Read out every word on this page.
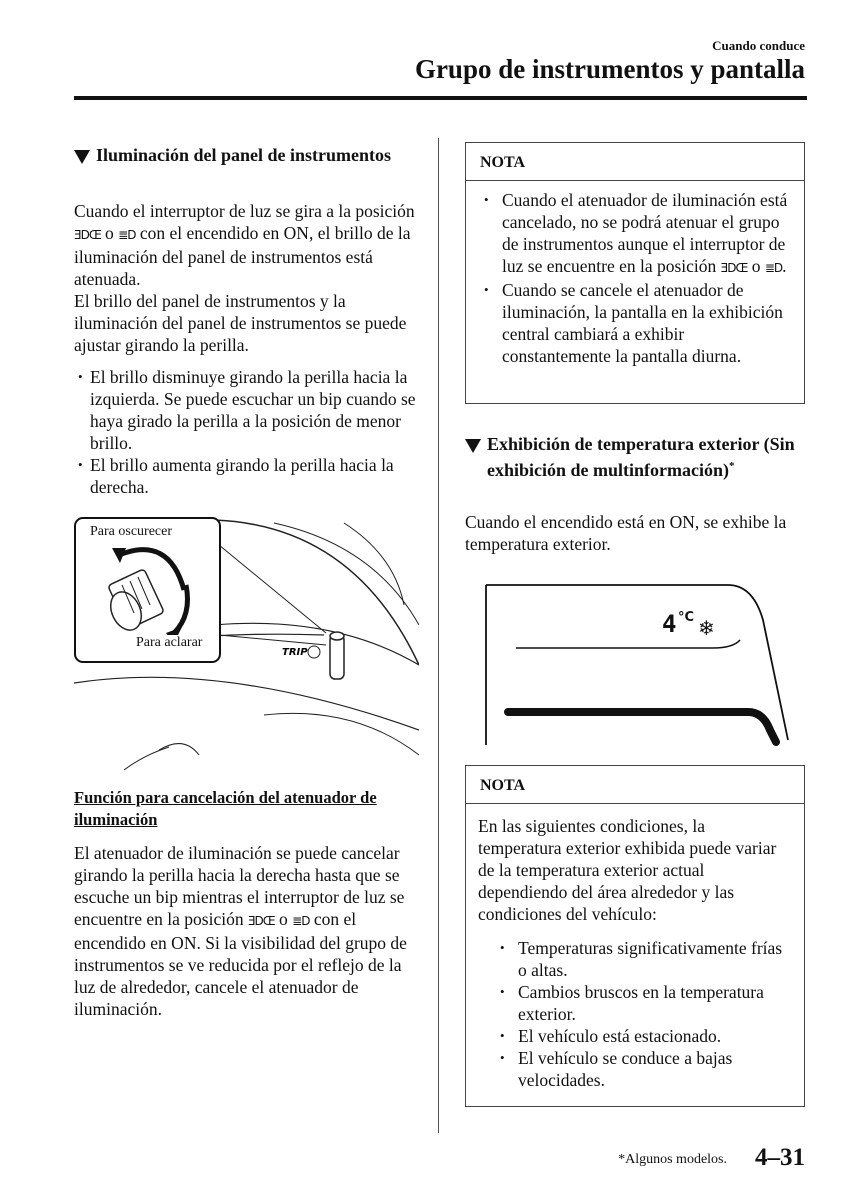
Cuando conduce
Grupo de instrumentos y pantalla
Iluminación del panel de instrumentos

Cuando el interruptor de luz se gira a la posición ƎDŒ o ≣D con el encendido en ON, el brillo de la iluminación del panel de instrumentos está atenuada.

El brillo del panel de instrumentos y la iluminación del panel de instrumentos se puede ajustar girando la perilla.

• El brillo disminuye girando la perilla hacia la izquierda. Se puede escuchar un bip cuando se haya girado la perilla a la posición de menor brillo.
• El brillo aumenta girando la perilla hacia la derecha.
TRIP
Para oscurecer
Para aclarar
Función para cancelación del atenuador de iluminación

El atenuador de iluminación se puede cancelar girando la perilla hacia la derecha hasta que se escuche un bip mientras el interruptor de luz se encuentre en la posición ƎDŒ o ≣D con el encendido en ON. Si la visibilidad del grupo de instrumentos se ve reducida por el reflejo de la luz de alrededor, cancele el atenuador de iluminación.

NOTA
• Cuando el atenuador de iluminación está cancelado, no se podrá atenuar el grupo de instrumentos aunque el interruptor de luz se encuentre en la posición ƎDŒ o ≣D.
• Cuando se cancele el atenuador de iluminación, la pantalla en la exhibición central cambiará a exhibir constantemente la pantalla diurna.
Exhibición de temperatura exterior (Sin exhibición de multinformación)*
Cuando el encendido está en ON, se exhibe la temperatura exterior.
4 °C ❄
NOTA

En las siguientes condiciones, la temperatura exterior exhibida puede variar de la temperatura exterior actual dependiendo del área alrededor y las condiciones del vehículo:

• Temperaturas significativamente frías o altas.
• Cambios bruscos en la temperatura exterior.
• El vehículo está estacionado.
• El vehículo se conduce a bajas velocidades.
*Algunos modelos. 4–31
